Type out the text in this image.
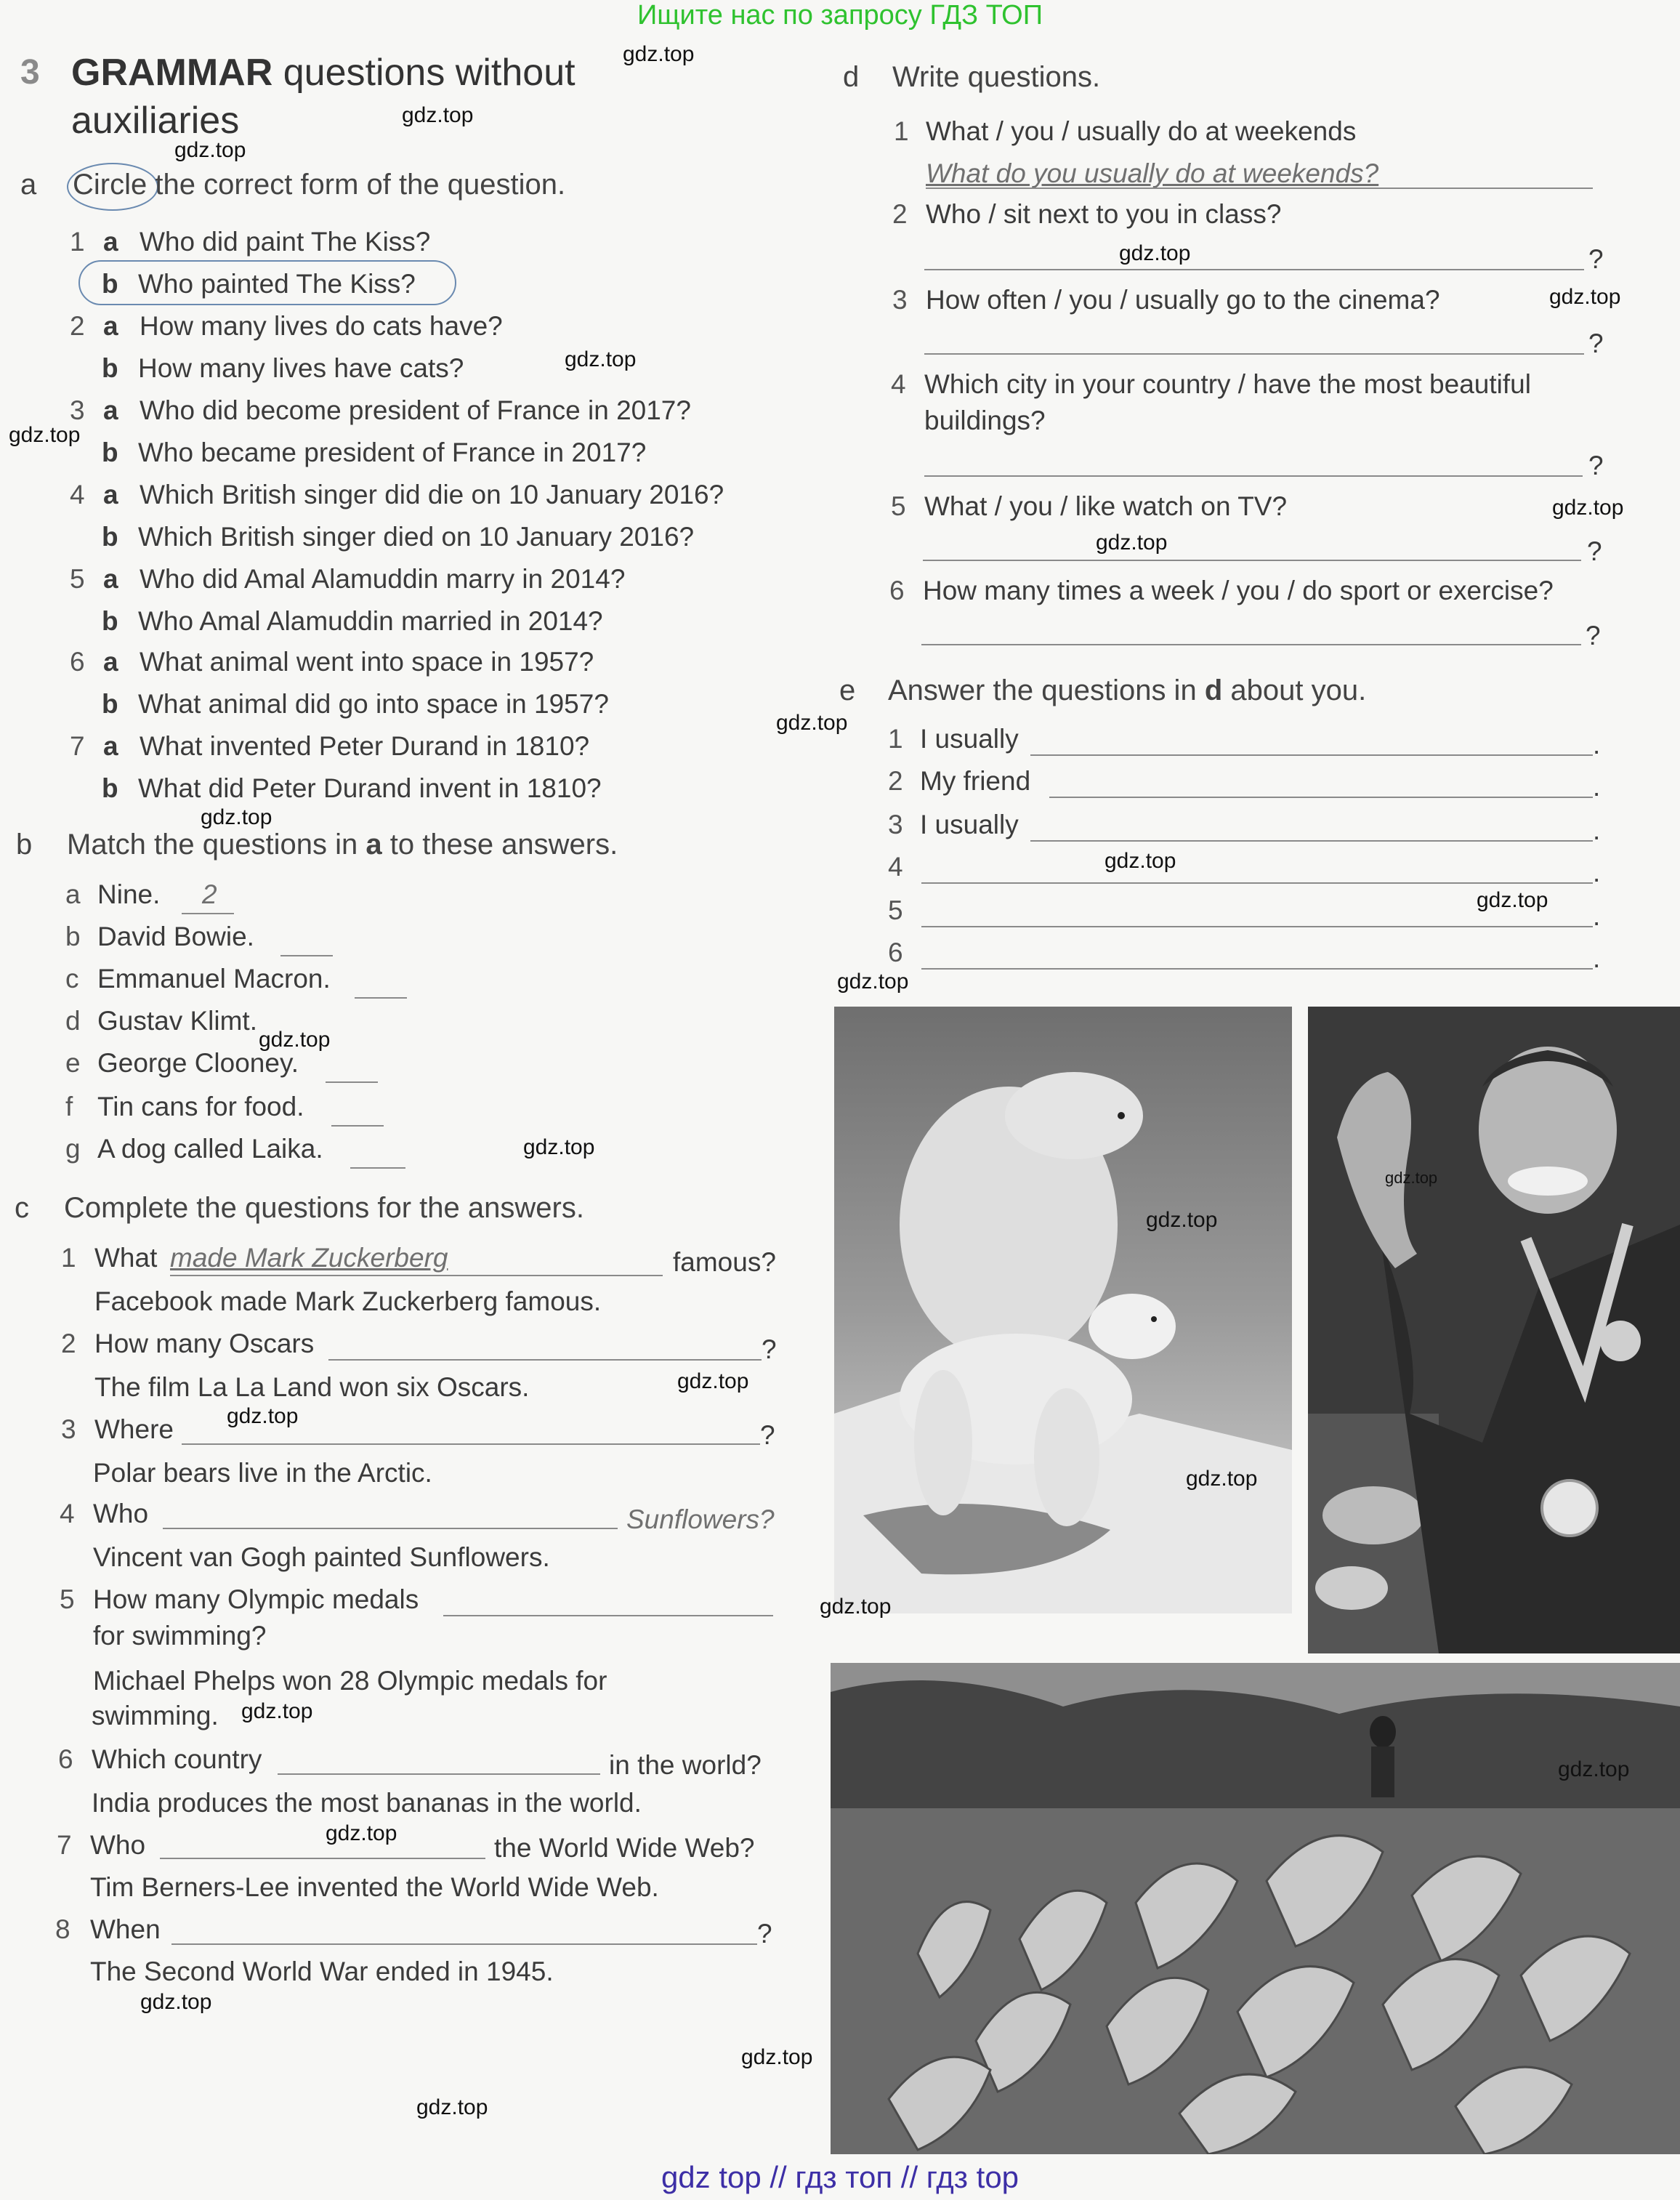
Ищите нас по запросу ГДЗ ТОП
gdz top // гдз топ // гдз top
3 GRAMMAR questions without
auxiliaries
a Circle the correct form of the question.
b Match the questions in a to these answers.
c Complete the questions for the answers.
d Write questions.
e Answer the questions in d about you.
gdz.top
gdz.top
gdz.top
gdz.top
gdz.top
gdz.top
gdz.top
gdz.top
gdz.top
gdz.top
gdz.top
gdz.top
gdz.top
gdz.top
gdz.top
gdz.top
gdz.top
gdz.top
gdz.top
gdz.top
gdz.top
gdz.top
gdz.top
gdz.top
gdz.top
gdz.top
gdz.top
gdz.top
1 a Who did paint The Kiss?
b Who painted The Kiss?
2 a How many lives do cats have?
b How many lives have cats?
3 a Who did become president of France in 2017?
b Who became president of France in 2017?
4 a Which British singer did die on 10 January 2016?
b Which British singer died on 10 January 2016?
5 a Who did Amal Alamuddin marry in 2014?
b Who Amal Alamuddin married in 2014?
6 a What animal went into space in 1957?
b What animal did go into space in 1957?
7 a What invented Peter Durand in 1810?
b What did Peter Durand invent in 1810?
a Nine. 2
b David Bowie.
c Emmanuel Macron.
d Gustav Klimt.
e George Clooney.
f Tin cans for food.
g A dog called Laika.
1 What made Mark Zuckerberg	famous?
Facebook made Mark Zuckerberg famous.
2 How many Oscars	?
The film La La Land won six Oscars.
3 Where	?
Polar bears live in the Arctic.
4 Who	Sunflowers?
Vincent van Gogh painted Sunflowers.
5 How many Olympic medals
for swimming?
Michael Phelps won 28 Olympic medals for
swimming.
6 Which country	in the world?
India produces the most bananas in the world.
7 Who	the World Wide Web?
Tim Berners-Lee invented the World Wide Web.
8 When	?
The Second World War ended in 1945.
1 What / you / usually do at weekends
What do you usually do at weekends?
2 Who / sit next to you in class?
?
3 How often / you / usually go to the cinema?
?
4 Which city in your country / have the most beautiful
buildings?
?
5 What / you / like watch on TV?
?
6 How many times a week / you / do sport or exercise?
?
1 I usually	.
2 My friend	.
3 I usually	.
4	.
5	.
6	.
